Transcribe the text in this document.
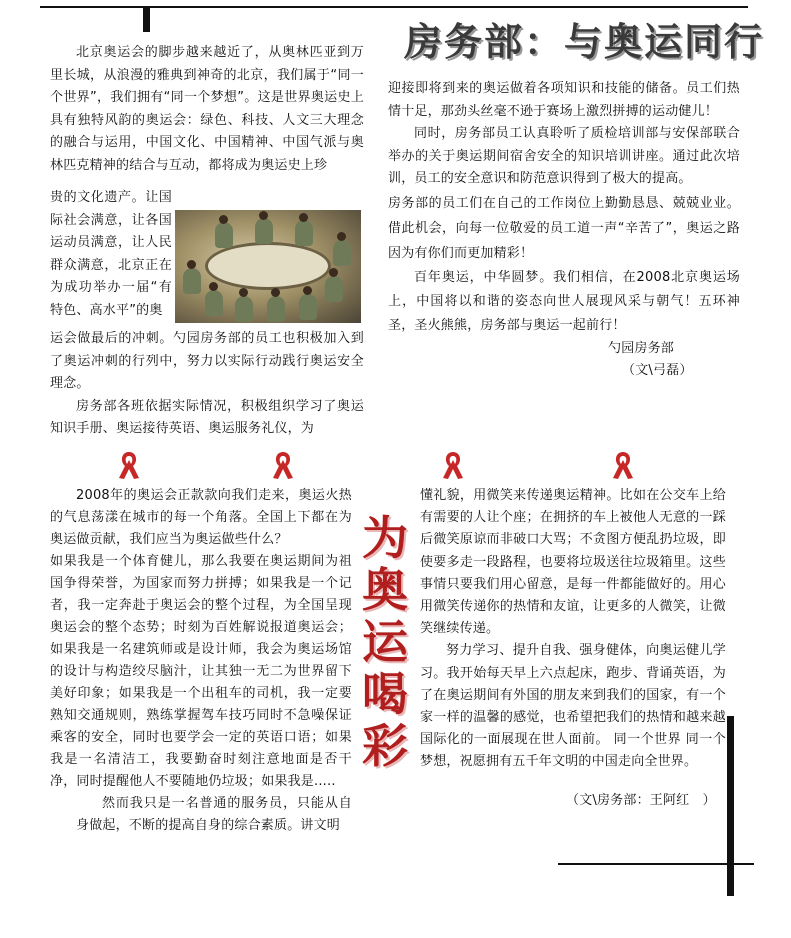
房务部：与奥运同行

北京奥运会的脚步越来越近了，从奥林匹亚到万里长城，从浪漫的雅典到神奇的北京，我们属于“同一个世界”，我们拥有“同一个梦想”。这是世界奥运史上具有独特风韵的奥运会：绿色、科技、人文三大理念的融合与运用，中国文化、中国精神、中国气派与奥林匹克精神的结合与互动，都将成为奥运史上珍

贵的文化遗产。让国际社会满意，让各国运动员满意，让人民群众满意，北京正在为成功举办一届“有特色、高水平”的奥

运会做最后的冲刺。勺园房务部的员工也积极加入到了奥运冲刺的行列中，努力以实际行动践行奥运安全理念。

房务部各班依据实际情况，积极组织学习了奥运知识手册、奥运接待英语、奥运服务礼仪，为

迎接即将到来的奥运做着各项知识和技能的储备。员工们热情十足，那劲头丝毫不逊于赛场上激烈拼搏的运动健儿！

同时，房务部员工认真聆听了质检培训部与安保部联合举办的关于奥运期间宿舍安全的知识培训讲座。通过此次培训，员工的安全意识和防范意识得到了极大的提高。

房务部的员工们在自己的工作岗位上勤勤恳恳、兢兢业业。借此机会，向每一位敬爱的员工道一声“辛苦了”，奥运之路因为有你们而更加精彩！

百年奥运，中华圆梦。我们相信，在2008北京奥运场上，中国将以和谐的姿态向世人展现风采与朝气！五环神圣，圣火熊熊，房务部与奥运一起前行！

勺园房务部

（文\弓磊）

为
奥
运
喝
彩

2008年的奥运会正款款向我们走来，奥运火热的气息荡漾在城市的每一个角落。全国上下都在为奥运做贡献，我们应当为奥运做些什么？

如果我是一个体育健儿，那么我要在奥运期间为祖国争得荣誉，为国家而努力拼搏；如果我是一个记者，我一定奔赴于奥运会的整个过程，为全国呈现奥运会的整个态势；时刻为百姓解说报道奥运会；如果我是一名建筑师或是设计师，我会为奥运场馆的设计与构造绞尽脑汁，让其独一无二为世界留下美好印象；如果我是一个出租车的司机，我一定要熟知交通规则，熟练掌握驾车技巧同时不急噪保证乘客的安全，同时也要学会一定的英语口语；如果我是一名清洁工，我要勤奋时刻注意地面是否干净，同时提醒他人不要随地仍垃圾；如果我是.....

然而我只是一名普通的服务员，只能从自身做起，不断的提高自身的综合素质。讲文明

懂礼貌，用微笑来传递奥运精神。比如在公交车上给有需要的人让个座；在拥挤的车上被他人无意的一踩后微笑原谅而非破口大骂；不贪图方便乱扔垃圾，即使要多走一段路程，也要将垃圾送往垃圾箱里。这些事情只要我们用心留意，是每一件都能做好的。用心用微笑传递你的热情和友谊，让更多的人微笑，让微笑继续传递。

努力学习、提升自我、强身健体，向奥运健儿学习。我开始每天早上六点起床，跑步、背诵英语，为了在奥运期间有外国的朋友来到我们的国家，有一个家一样的温馨的感觉，也希望把我们的热情和越来越国际化的一面展现在世人面前。 同一个世界 同一个梦想，祝愿拥有五千年文明的中国走向全世界。

（文\房务部：王阿红　）
